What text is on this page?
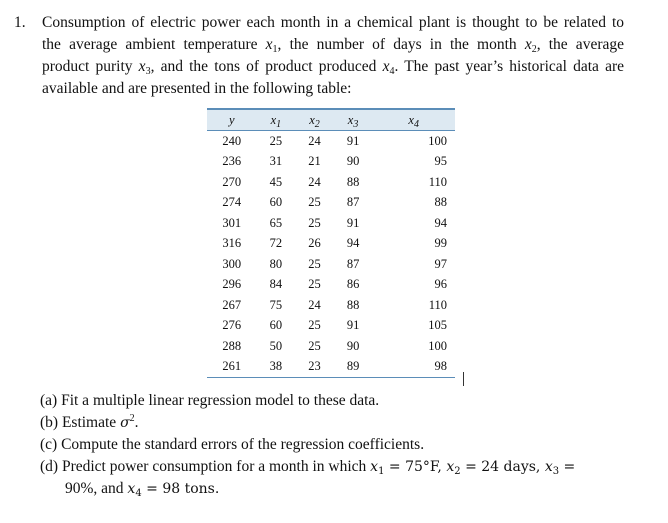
1. Consumption of electric power each month in a chemical plant is thought to be related to
the average ambient temperature $x_1$, the number of days in the month $x_2$, the average
product purity $x_3$, and the tons of product produced $x_4$. The past year’s historical data are
available and are presented in the following table:
y	$x_1$	$x_2$	$x_3$	$x_4$
240	25	24	91	100
236	31	21	90	95
270	45	24	88	110
274	60	25	87	88
301	65	25	91	94
316	72	26	94	99
300	80	25	87	97
296	84	25	86	96
267	75	24	88	110
276	60	25	91	105
288	50	25	90	100
261	38	23	89	98
(a) Fit a multiple linear regression model to these data.
(b) Estimate $\sigma^2$.
(c) Compute the standard errors of the regression coefficients.
(d) Predict power consumption for a month in which $x_1 = 75^\circ F$, $x_2 = 24$ days, $x_3$ =
90%, and $x_4 = 98$ tons.
